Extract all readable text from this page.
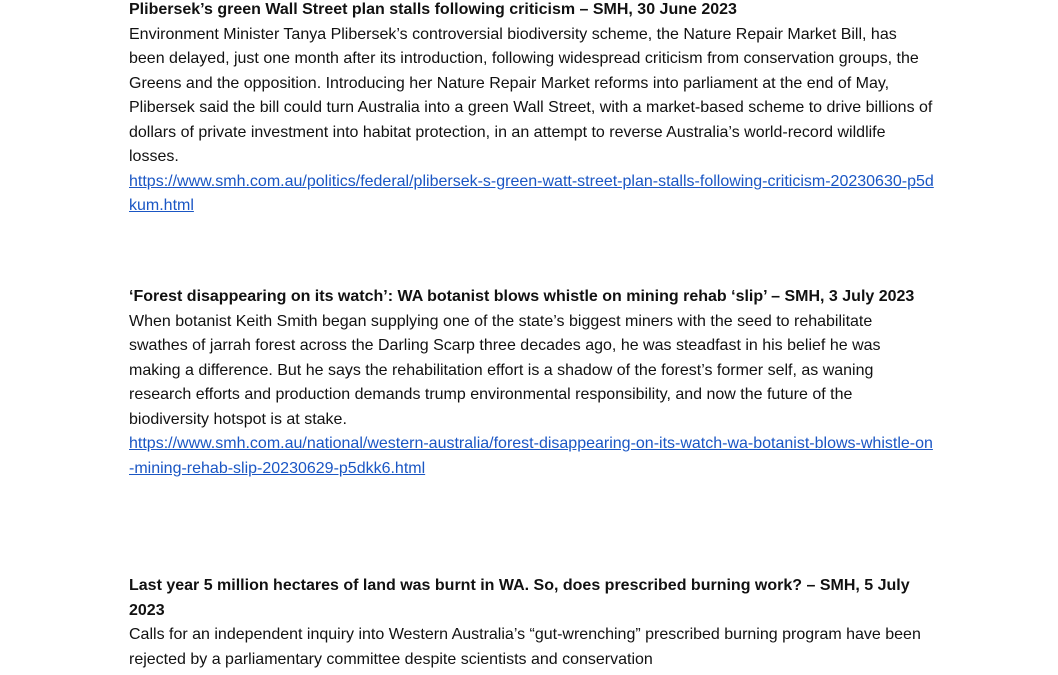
Plibersek’s green Wall Street plan stalls following criticism – SMH, 30 June 2023

Environment Minister Tanya Plibersek’s controversial biodiversity scheme, the Nature Repair Market Bill, has been delayed, just one month after its introduction, following widespread criticism from conservation groups, the Greens and the opposition. Introducing her Nature Repair Market reforms into parliament at the end of May, Plibersek said the bill could turn Australia into a green Wall Street, with a market-based scheme to drive billions of dollars of private investment into habitat protection, in an attempt to reverse Australia’s world-record wildlife losses.

https://www.smh.com.au/politics/federal/plibersek-s-green-watt-street-plan-stalls-following-criticism-20230630-p5dkum.html

‘Forest disappearing on its watch’: WA botanist blows whistle on mining rehab ‘slip’ – SMH, 3 July 2023

When botanist Keith Smith began supplying one of the state’s biggest miners with the seed to rehabilitate swathes of jarrah forest across the Darling Scarp three decades ago, he was steadfast in his belief he was making a difference. But he says the rehabilitation effort is a shadow of the forest’s former self, as waning research efforts and production demands trump environmental responsibility, and now the future of the biodiversity hotspot is at stake.

https://www.smh.com.au/national/western-australia/forest-disappearing-on-its-watch-wa-botanist-blows-whistle-on-mining-rehab-slip-20230629-p5dkk6.html

Last year 5 million hectares of land was burnt in WA. So, does prescribed burning work? – SMH, 5 July 2023

Calls for an independent inquiry into Western Australia’s “gut-wrenching” prescribed burning program have been rejected by a parliamentary committee despite scientists and conservation
